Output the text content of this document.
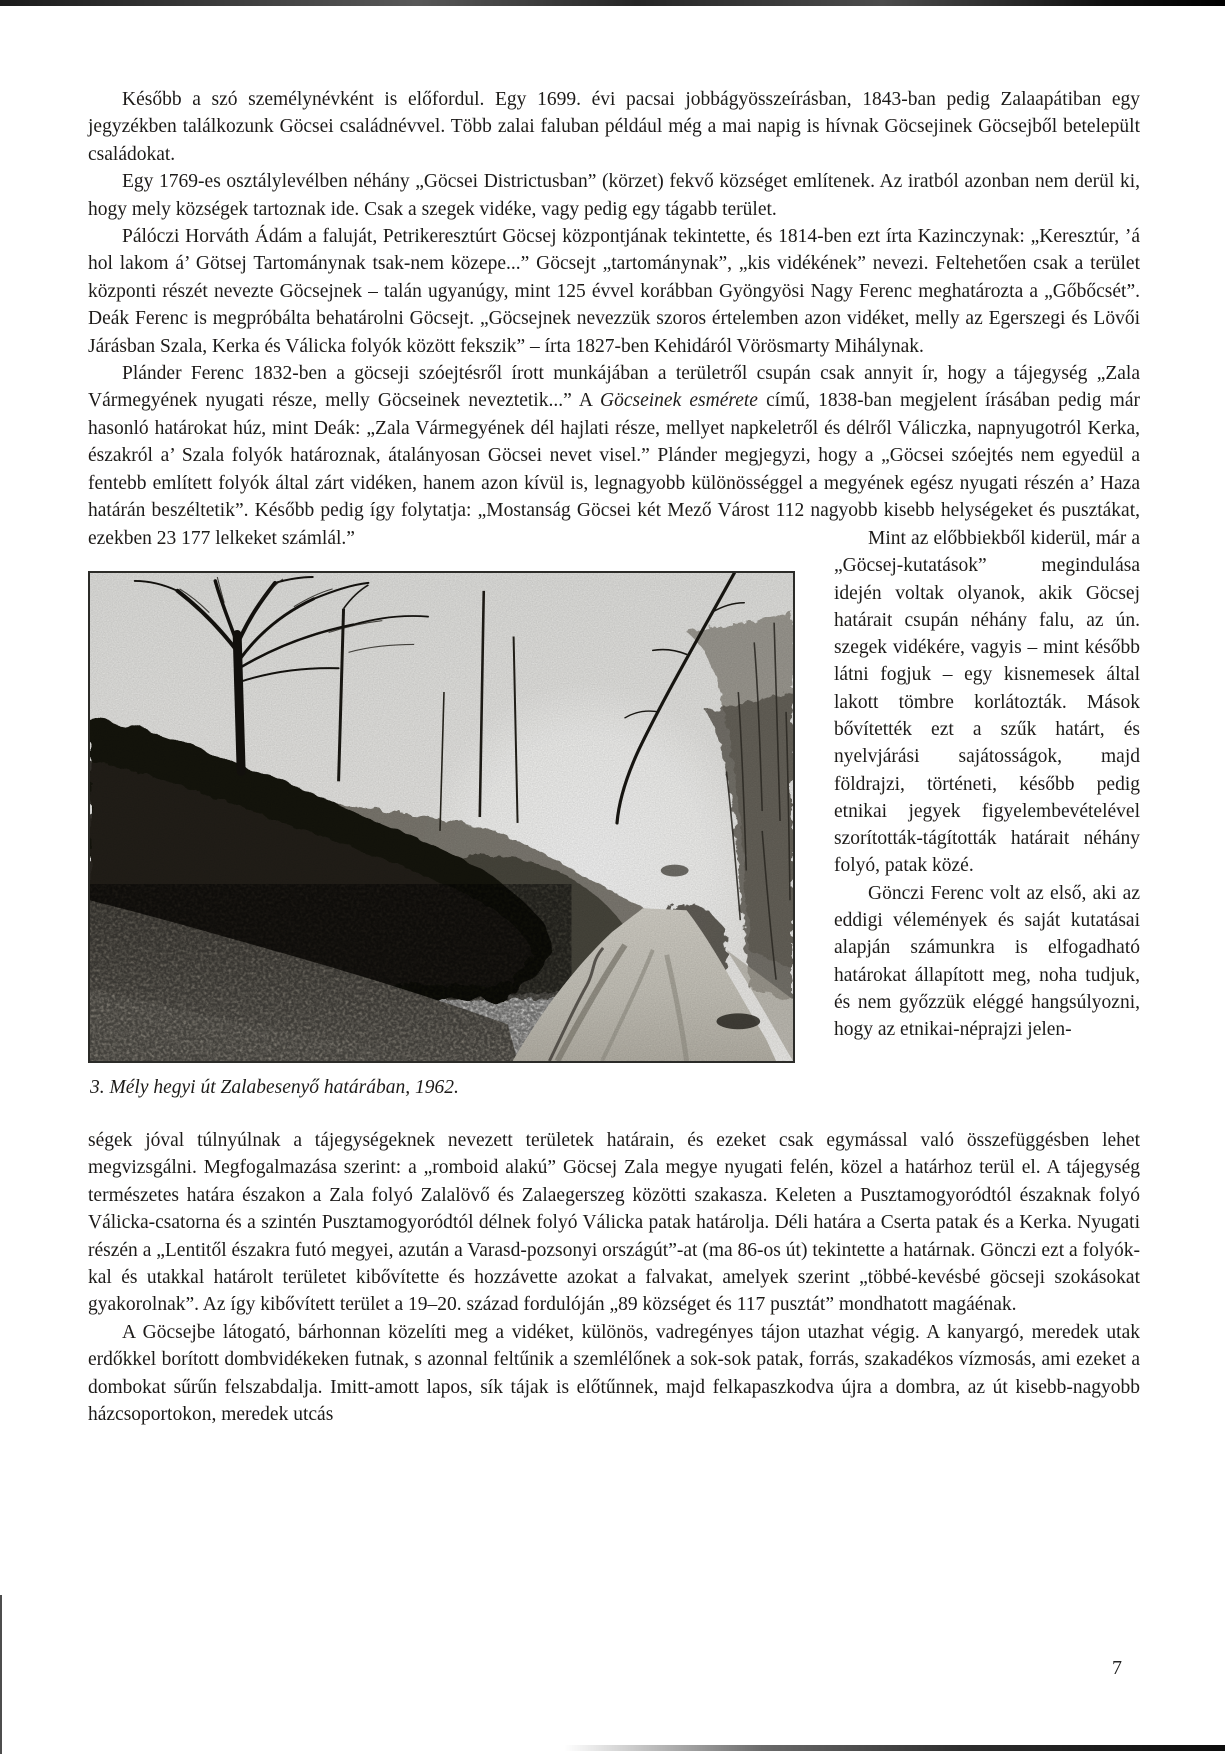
Később a szó személynévként is előfordul. Egy 1699. évi pacsai jobbágyösszeírásban, 1843-ban pedig Zalaapátiban egy jegyzékben találkozunk Göcsei családnévvel. Több zalai faluban például még a mai napig is hívnak Göcsejinek Göcsejből betelepült családokat.

Egy 1769-es osztálylevélben néhány „Göcsei Districtusban” (körzet) fekvő községet említenek. Az iratból azonban nem derül ki, hogy mely községek tartoznak ide. Csak a szegek vidéke, vagy pedig egy tágabb terület.

Pálóczi Horváth Ádám a faluját, Petrikeresztúrt Göcsej központjának tekintette, és 1814-ben ezt írta Kazinczynak: „Keresztúr, ’á hol lakom á’ Götsej Tartománynak tsak-nem közepe...” Göcsejt „tartománynak”, „kis vidékének” nevezi. Feltehetően csak a terület központi részét nevezte Göcsejnek – talán ugyanúgy, mint 125 évvel korábban Gyöngyösi Nagy Ferenc meghatározta a „Gőbőcsét”. Deák Ferenc is megpróbálta behatárolni Göcsejt. „Göcsejnek nevezzük szoros értelemben azon vidéket, melly az Egerszegi és Lövői Járásban Szala, Kerka és Válicka folyók között fekszik” – írta 1827-ben Kehidáról Vörösmarty Mihálynak.

Plánder Ferenc 1832-ben a göcseji szóejtésről írott munkájában a területről csupán csak annyit ír, hogy a tájegység „Zala Vármegyének nyugati része, melly Göcseinek neveztetik...” A Göcseinek esmérete című, 1838-ban megjelent írásában pedig már hasonló határokat húz, mint Deák: „Zala Vármegyének dél hajlati része, mellyet napkeletről és délről Váliczka, napnyugotról Kerka, északról a’ Szala folyók határoznak, átalányosan Göcsei nevet visel.” Plánder megjegyzi, hogy a „Göcsei szóejtés nem egyedül a fentebb említett folyók által zárt vidéken, hanem azon kívül is, legnagyobb különösséggel a megyének egész nyugati részén a’ Haza határán beszéltetik”. Később pedig így folytatja: „Mostanság Göcsei két Mező Várost 112 nagyobb kisebb helységeket és pusztákat, ezekben 23 177 lelkeket számlál.”

3. Mély hegyi út Zalabesenyő határában, 1962.

Mint az előbbiekből kiderül, már a „Göcsej-kutatások” megindulása idején voltak olyanok, akik Göcsej határait csupán néhány falu, az ún. szegek vidékére, vagyis – mint később látni fogjuk – egy kisnemesek által lakott tömbre korlátozták. Mások bővítették ezt a szűk határt, és nyelvjárási sajátosságok, majd földrajzi, történeti, később pedig etnikai jegyek figyelembevételével szorították-tágították határait néhány folyó, patak közé.

Gönczi Ferenc volt az első, aki az eddigi vélemények és saját kutatásai alapján számunkra is elfogadható határokat állapított meg, noha tudjuk, és nem győzzük eléggé hangsúlyozni, hogy az etnikai-néprajzi jelen-

ségek jóval túlnyúlnak a tájegységeknek nevezett területek határain, és ezeket csak egymással való összefüggésben lehet megvizsgálni. Megfogalmazása szerint: a „romboid alakú” Göcsej Zala megye nyugati felén, közel a határhoz terül el. A tájegység természetes határa északon a Zala folyó Zalalövő és Zalaegerszeg közötti szakasza. Keleten a Pusztamogyoródtól északnak folyó Válicka-csatorna és a szintén Pusztamogyoródtól délnek folyó Válicka patak határolja. Déli határa a Cserta patak és a Kerka. Nyugati részén a „Lentitől északra futó megyei, azután a Varasd-pozsonyi országút”-at (ma 86-os út) tekintette a határnak. Gönczi ezt a folyókkal és utakkal határolt területet kibővítette és hozzávette azokat a falvakat, amelyek szerint „többé-kevésbé göcseji szokásokat gyakorolnak”. Az így kibővített terület a 19–20. század fordulóján „89 községet és 117 pusztát” mondhatott magáénak.

A Göcsejbe látogató, bárhonnan közelíti meg a vidéket, különös, vadregényes tájon utazhat végig. A kanyargó, meredek utak erdőkkel borított dombvidékeken futnak, s azonnal feltűnik a szemlélőnek a sok-sok patak, forrás, szakadékos vízmosás, ami ezeket a dombokat sűrűn felszabdalja. Imitt-amott lapos, sík tájak is előtűnnek, majd felkapaszkodva újra a dombra, az út kisebb-nagyobb házcsoportokon, meredek utcás

7
